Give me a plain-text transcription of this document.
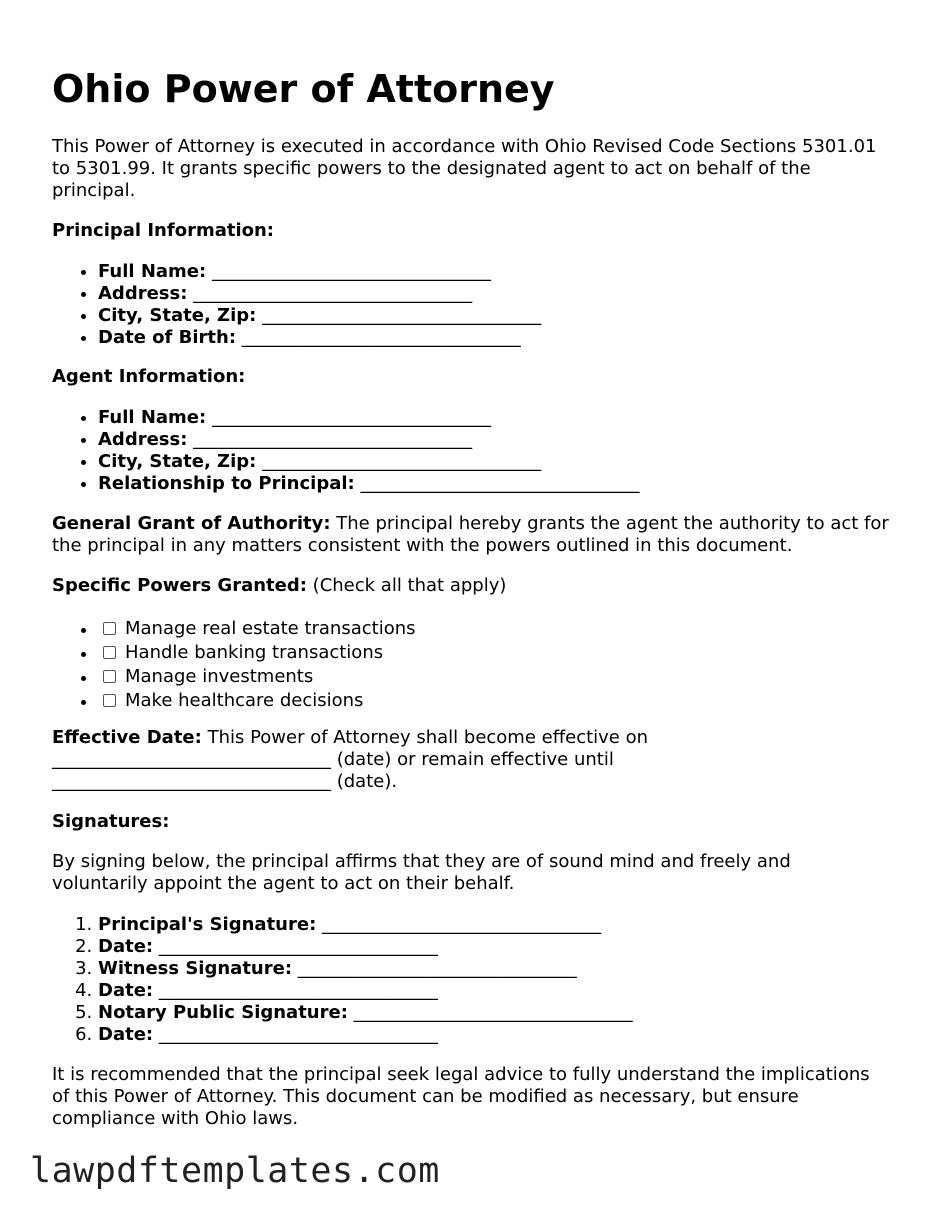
Ohio Power of Attorney

This Power of Attorney is executed in accordance with Ohio Revised Code Sections 5301.01 to 5301.99. It grants specific powers to the designated agent to act on behalf of the principal.

Principal Information:

• Full Name: _______________________________
• Address: _______________________________
• City, State, Zip: _______________________________
• Date of Birth: _______________________________

Agent Information:

• Full Name: _______________________________
• Address: _______________________________
• City, State, Zip: _______________________________
• Relationship to Principal: _______________________________

General Grant of Authority: The principal hereby grants the agent the authority to act for the principal in any matters consistent with the powers outlined in this document.

Specific Powers Granted: (Check all that apply)

• Manage real estate transactions
• Handle banking transactions
• Manage investments
• Make healthcare decisions
Effective Date: This Power of Attorney shall become effective on
_______________________________ (date) or remain effective until
_______________________________ (date).

Signatures:

By signing below, the principal affirms that they are of sound mind and freely and voluntarily appoint the agent to act on their behalf.

1. Principal's Signature: _______________________________
2. Date: _______________________________
3. Witness Signature: _______________________________
4. Date: _______________________________
5. Notary Public Signature: _______________________________
6. Date: _______________________________

It is recommended that the principal seek legal advice to fully understand the implications of this Power of Attorney. This document can be modified as necessary, but ensure compliance with Ohio laws.

lawpdftemplates.com
